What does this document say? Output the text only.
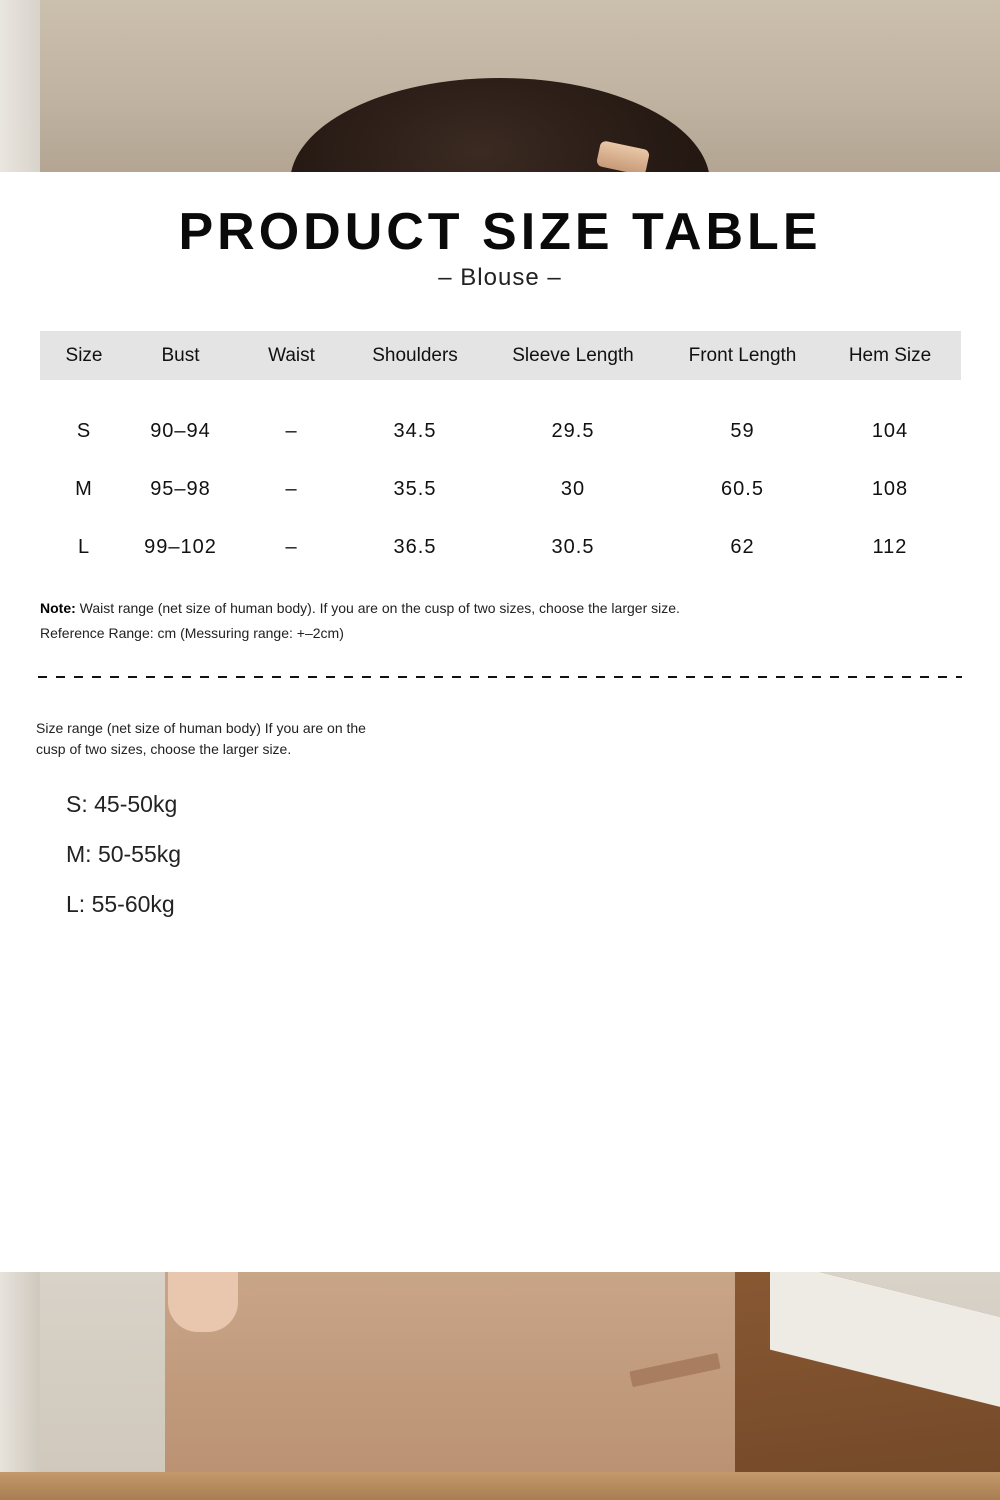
PRODUCT SIZE TABLE
– Blouse –
Size	Bust	Waist	Shoulders	Sleeve Length	Front Length	Hem Size
S	90–94	–	34.5	29.5	59	104
M	95–98	–	35.5	30	60.5	108
L	99–102	–	36.5	30.5	62	112
Note: Waist range (net size of human body). If you are on the cusp of two sizes, choose the larger size.
Reference Range: cm (Messuring range: +–2cm)
Size range (net size of human body) If you are on the cusp of two sizes, choose the larger size.
S: 45-50kg
M: 50-55kg
L: 55-60kg
